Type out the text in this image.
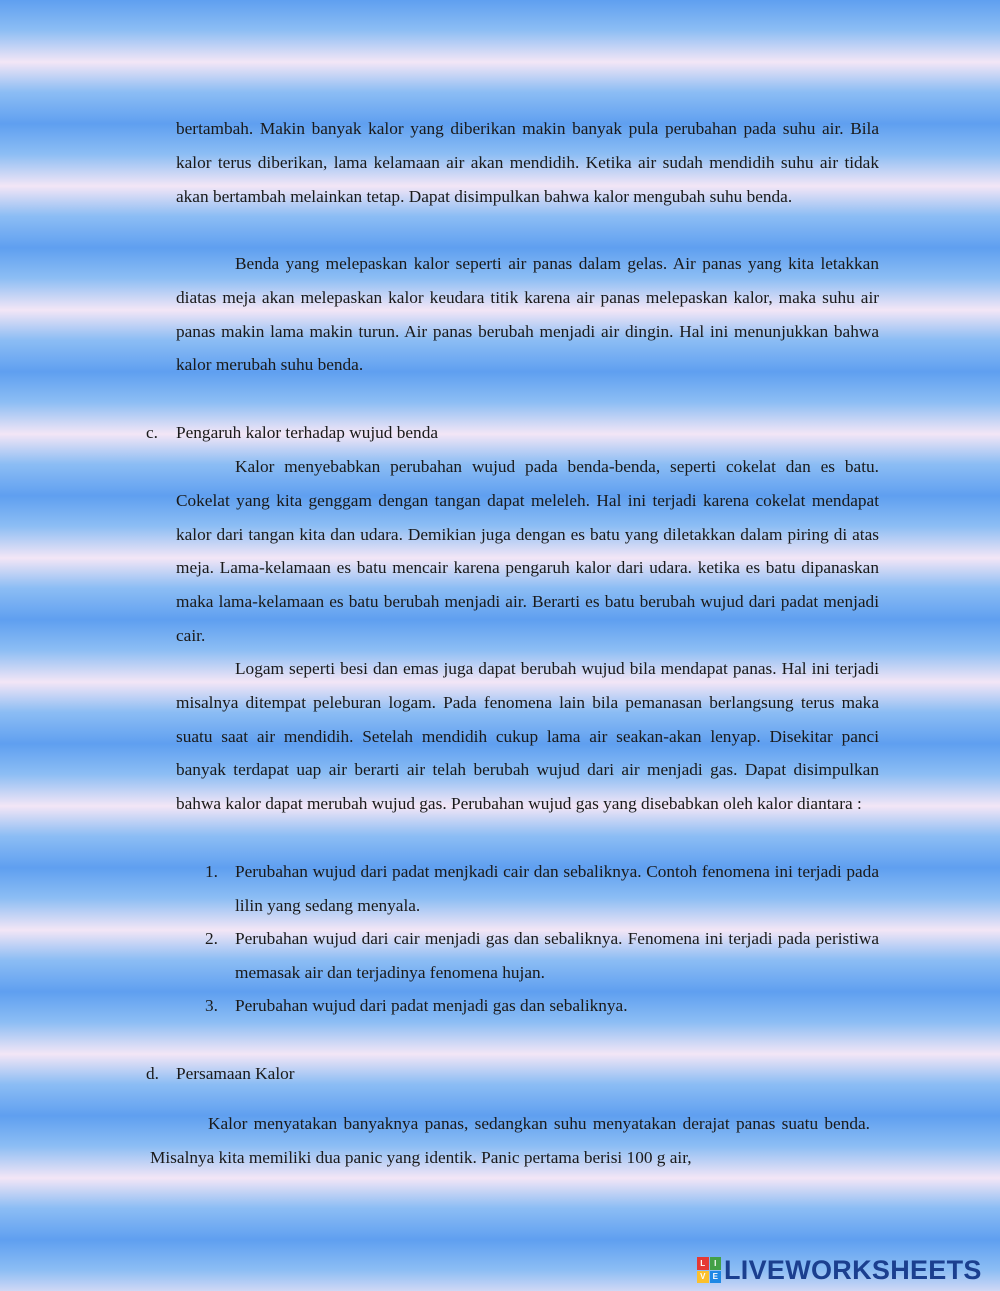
bertambah. Makin banyak kalor yang diberikan makin banyak pula perubahan pada suhu air. Bila kalor terus diberikan, lama kelamaan air akan mendidih. Ketika air sudah mendidih suhu air tidak akan bertambah melainkan tetap. Dapat disimpulkan bahwa kalor mengubah suhu benda.

Benda yang melepaskan kalor seperti air panas dalam gelas. Air panas yang kita letakkan diatas meja akan melepaskan kalor keudara titik karena air panas melepaskan kalor, maka suhu air panas makin lama makin turun. Air panas berubah menjadi air dingin. Hal ini menunjukkan bahwa kalor merubah suhu benda.

c. Pengaruh kalor terhadap wujud benda

Kalor menyebabkan perubahan wujud pada benda-benda, seperti cokelat dan es batu. Cokelat yang kita genggam dengan tangan dapat meleleh. Hal ini terjadi karena cokelat mendapat kalor dari tangan kita dan udara. Demikian juga dengan es batu yang diletakkan dalam piring di atas meja. Lama-kelamaan es batu mencair karena pengaruh kalor dari udara. ketika es batu dipanaskan maka lama-kelamaan es batu berubah menjadi air. Berarti es batu berubah wujud dari padat menjadi cair.

Logam seperti besi dan emas juga dapat berubah wujud bila mendapat panas. Hal ini terjadi misalnya ditempat peleburan logam. Pada fenomena lain bila pemanasan berlangsung terus maka suatu saat air mendidih. Setelah mendidih cukup lama air seakan-akan lenyap. Disekitar panci banyak terdapat uap air berarti air telah berubah wujud dari air menjadi gas. Dapat disimpulkan bahwa kalor dapat merubah wujud gas. Perubahan wujud gas yang disebabkan oleh kalor diantara :

1. Perubahan wujud dari padat menjkadi cair dan sebaliknya. Contoh fenomena ini terjadi pada lilin yang sedang menyala.
2. Perubahan wujud dari cair menjadi gas dan sebaliknya. Fenomena ini terjadi pada peristiwa memasak air dan terjadinya fenomena hujan.
3. Perubahan wujud dari padat menjadi gas dan sebaliknya.
d. Persamaan Kalor

Kalor menyatakan banyaknya panas, sedangkan suhu menyatakan derajat panas suatu benda. Misalnya kita memiliki dua panic yang identik. Panic pertama berisi 100 g air,

L	I
V E LIVEWORKSHEETS
